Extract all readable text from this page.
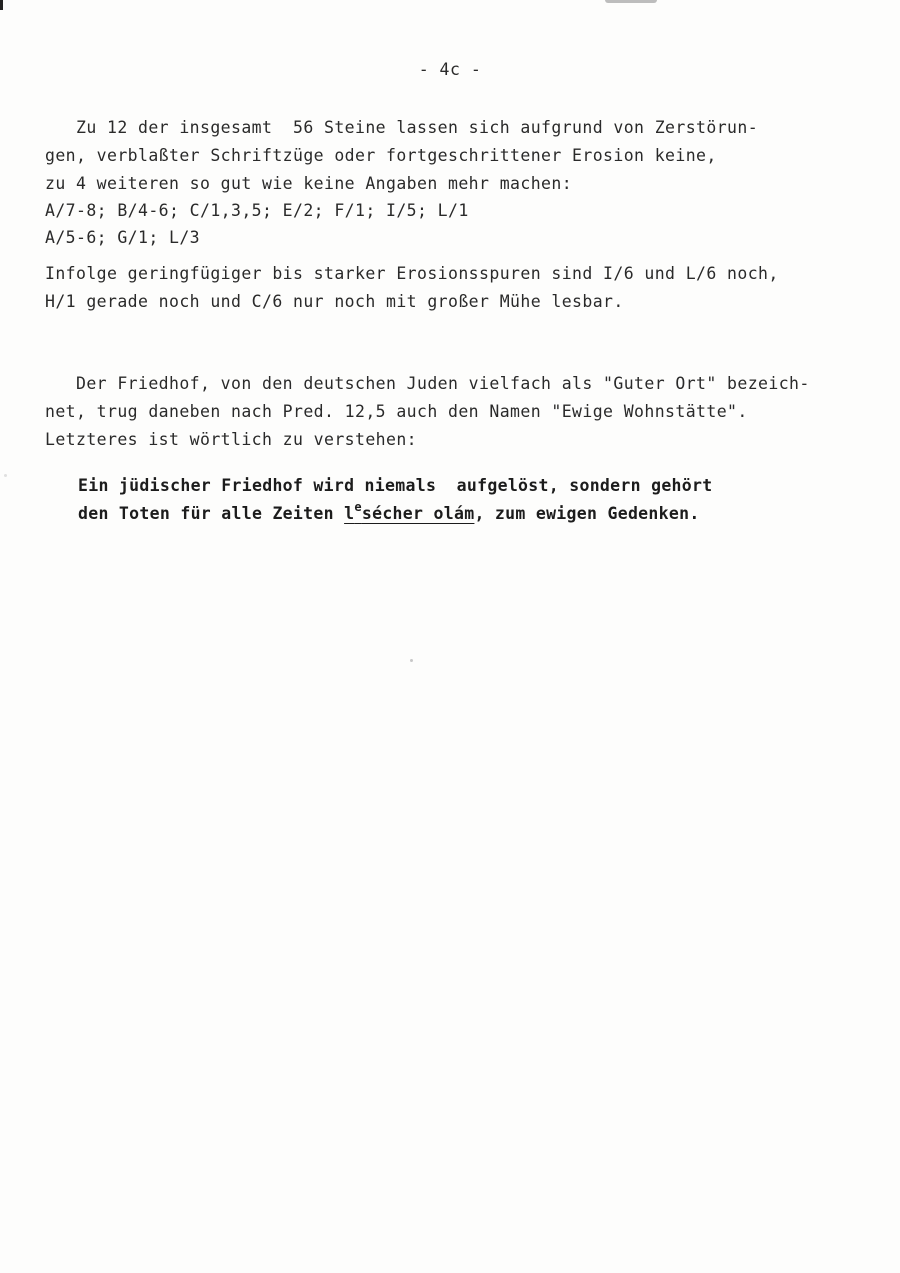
- 4c -
Zu 12 der insgesamt  56 Steine lassen sich aufgrund von Zerstörun-
gen, verblaßter Schriftzüge oder fortgeschrittener Erosion keine,
zu 4 weiteren so gut wie keine Angaben mehr machen:
A/7-8; B/4-6; C/1,3,5; E/2; F/1; I/5; L/1
A/5-6; G/1; L/3
Infolge geringfügiger bis starker Erosionsspuren sind I/6 und L/6 noch,
H/1 gerade noch und C/6 nur noch mit großer Mühe lesbar.
Der Friedhof, von den deutschen Juden vielfach als "Guter Ort" bezeich-
net, trug daneben nach Pred. 12,5 auch den Namen "Ewige Wohnstätte".
Letzteres ist wörtlich zu verstehen:
Ein jüdischer Friedhof wird niemals  aufgelöst, sondern gehört
den Toten für alle Zeiten $l^esécher$ olám, zum ewigen Gedenken.
